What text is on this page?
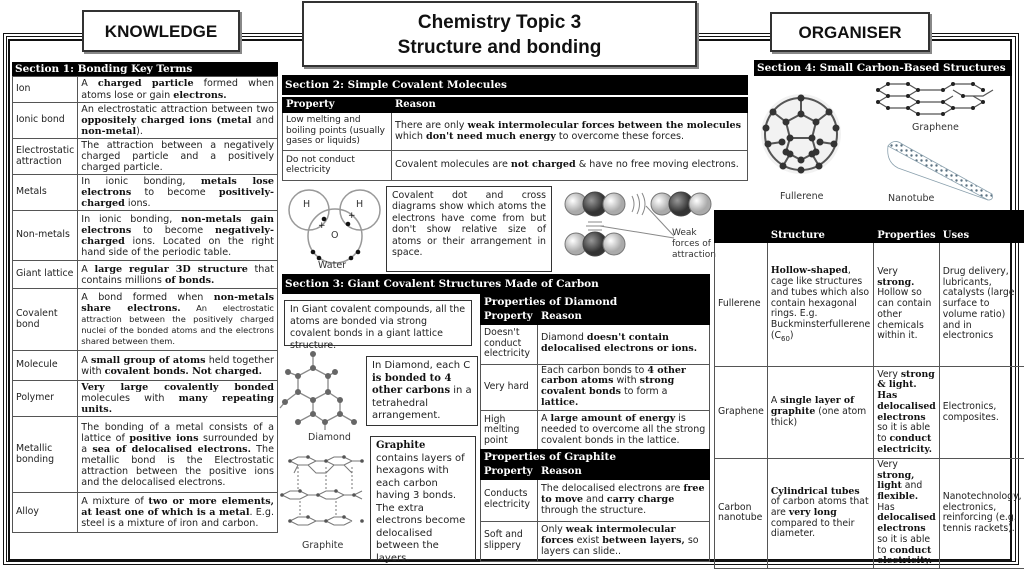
KNOWLEDGE	Chemistry Topic 3
Structure and bonding
ORGANISER
Section 1: Bonding Key Terms
Ion	A charged particle formed when atoms lose or gain electrons.
Ionic bond	An electrostatic attraction between two oppositely charged ions (metal and non-metal).
Electrostatic attraction	The attraction between a negatively charged particle and a positively charged particle.
Metals	In ionic bonding, metals lose electrons to become positively-charged ions.
Non-metals	In ionic bonding, non-metals gain electrons to become negatively-charged ions. Located on the right hand side of the periodic table.
Giant lattice	A large regular 3D structure that contains millions of bonds.
Covalent bond	A bond formed when non-metals share electrons. An electrostatic attraction between the positively charged nuclei of the bonded atoms and the electrons shared between them.
Molecule	A small group of atoms held together with covalent bonds. Not charged.
Polymer	Very large covalently bonded molecules with many repeating units.
Metallic bonding	The bonding of a metal consists of a lattice of positive ions surrounded by a sea of delocalised electrons. The metallic bond is the Electrostatic attraction between the positive ions and the delocalised electrons.
Alloy	A mixture of two or more elements, at least one of which is a metal. E.g. steel is a mixture of iron and carbon.
Section 2: Simple Covalent Molecules
Property	Reason
Low melting and boiling points (usually gases or liquids)	There are only weak intermolecular forces between the molecules which don't need much energy to overcome these forces.
Do not conduct electricity	Covalent molecules are not charged & have no free moving electrons.
+
+
H	H
O
Water
Covalent dot and cross diagrams show which atoms the electrons have come from but don't show relative size of atoms or their arrangement in space.
Weak forces of attraction
Section 3: Giant Covalent Structures Made of Carbon
In Giant covalent compounds, all the atoms are bonded via strong covalent bonds in a giant lattice structure.
Diamond
In Diamond, each C is bonded to 4 other carbons in a tetrahedral arrangement.
Graphite
Graphite contains layers of hexagons with each carbon having 3 bonds. The extra electrons become delocalised between the layers.
Properties of Diamond	
Property	Reason
Doesn't conduct electricity	Diamond doesn't contain delocalised electrons or ions.
Very hard	Each carbon bonds to 4 other carbon atoms with strong covalent bonds to form a lattice.
High melting point	A large amount of energy is needed to overcome all the strong covalent bonds in the lattice.
Properties of Graphite	
Property	Reason
Conducts electricity	The delocalised electrons are free to move and carry charge through the structure.
Soft and slippery	Only weak intermolecular forces exist between layers, so layers can slide..
Section 4: Small Carbon-Based Structures
Fullerene
Graphene
Nanotube
	Structure	Properties	Uses
Fullerene	Hollow-shaped, cage like structures and tubes which also contain hexagonal rings. E.g. Buckminsterfullerene $(C_{60})$	Very strong. Hollow so can contain other chemicals within it.	Drug delivery, lubricants, catalysts (large surface to volume ratio) and in electronics
Graphene	A single layer of graphite (one atom thick)	Very strong & light. Has delocalised electrons so it is able to conduct electricity.	Electronics, composites.
Carbon nanotube	Cylindrical tubes of carbon atoms that are very long compared to their diameter.	Very strong, light and flexible. Has delocalised electrons so it is able to conduct electricity.	Nanotechnology, electronics, reinforcing (e.g. tennis rackets).
